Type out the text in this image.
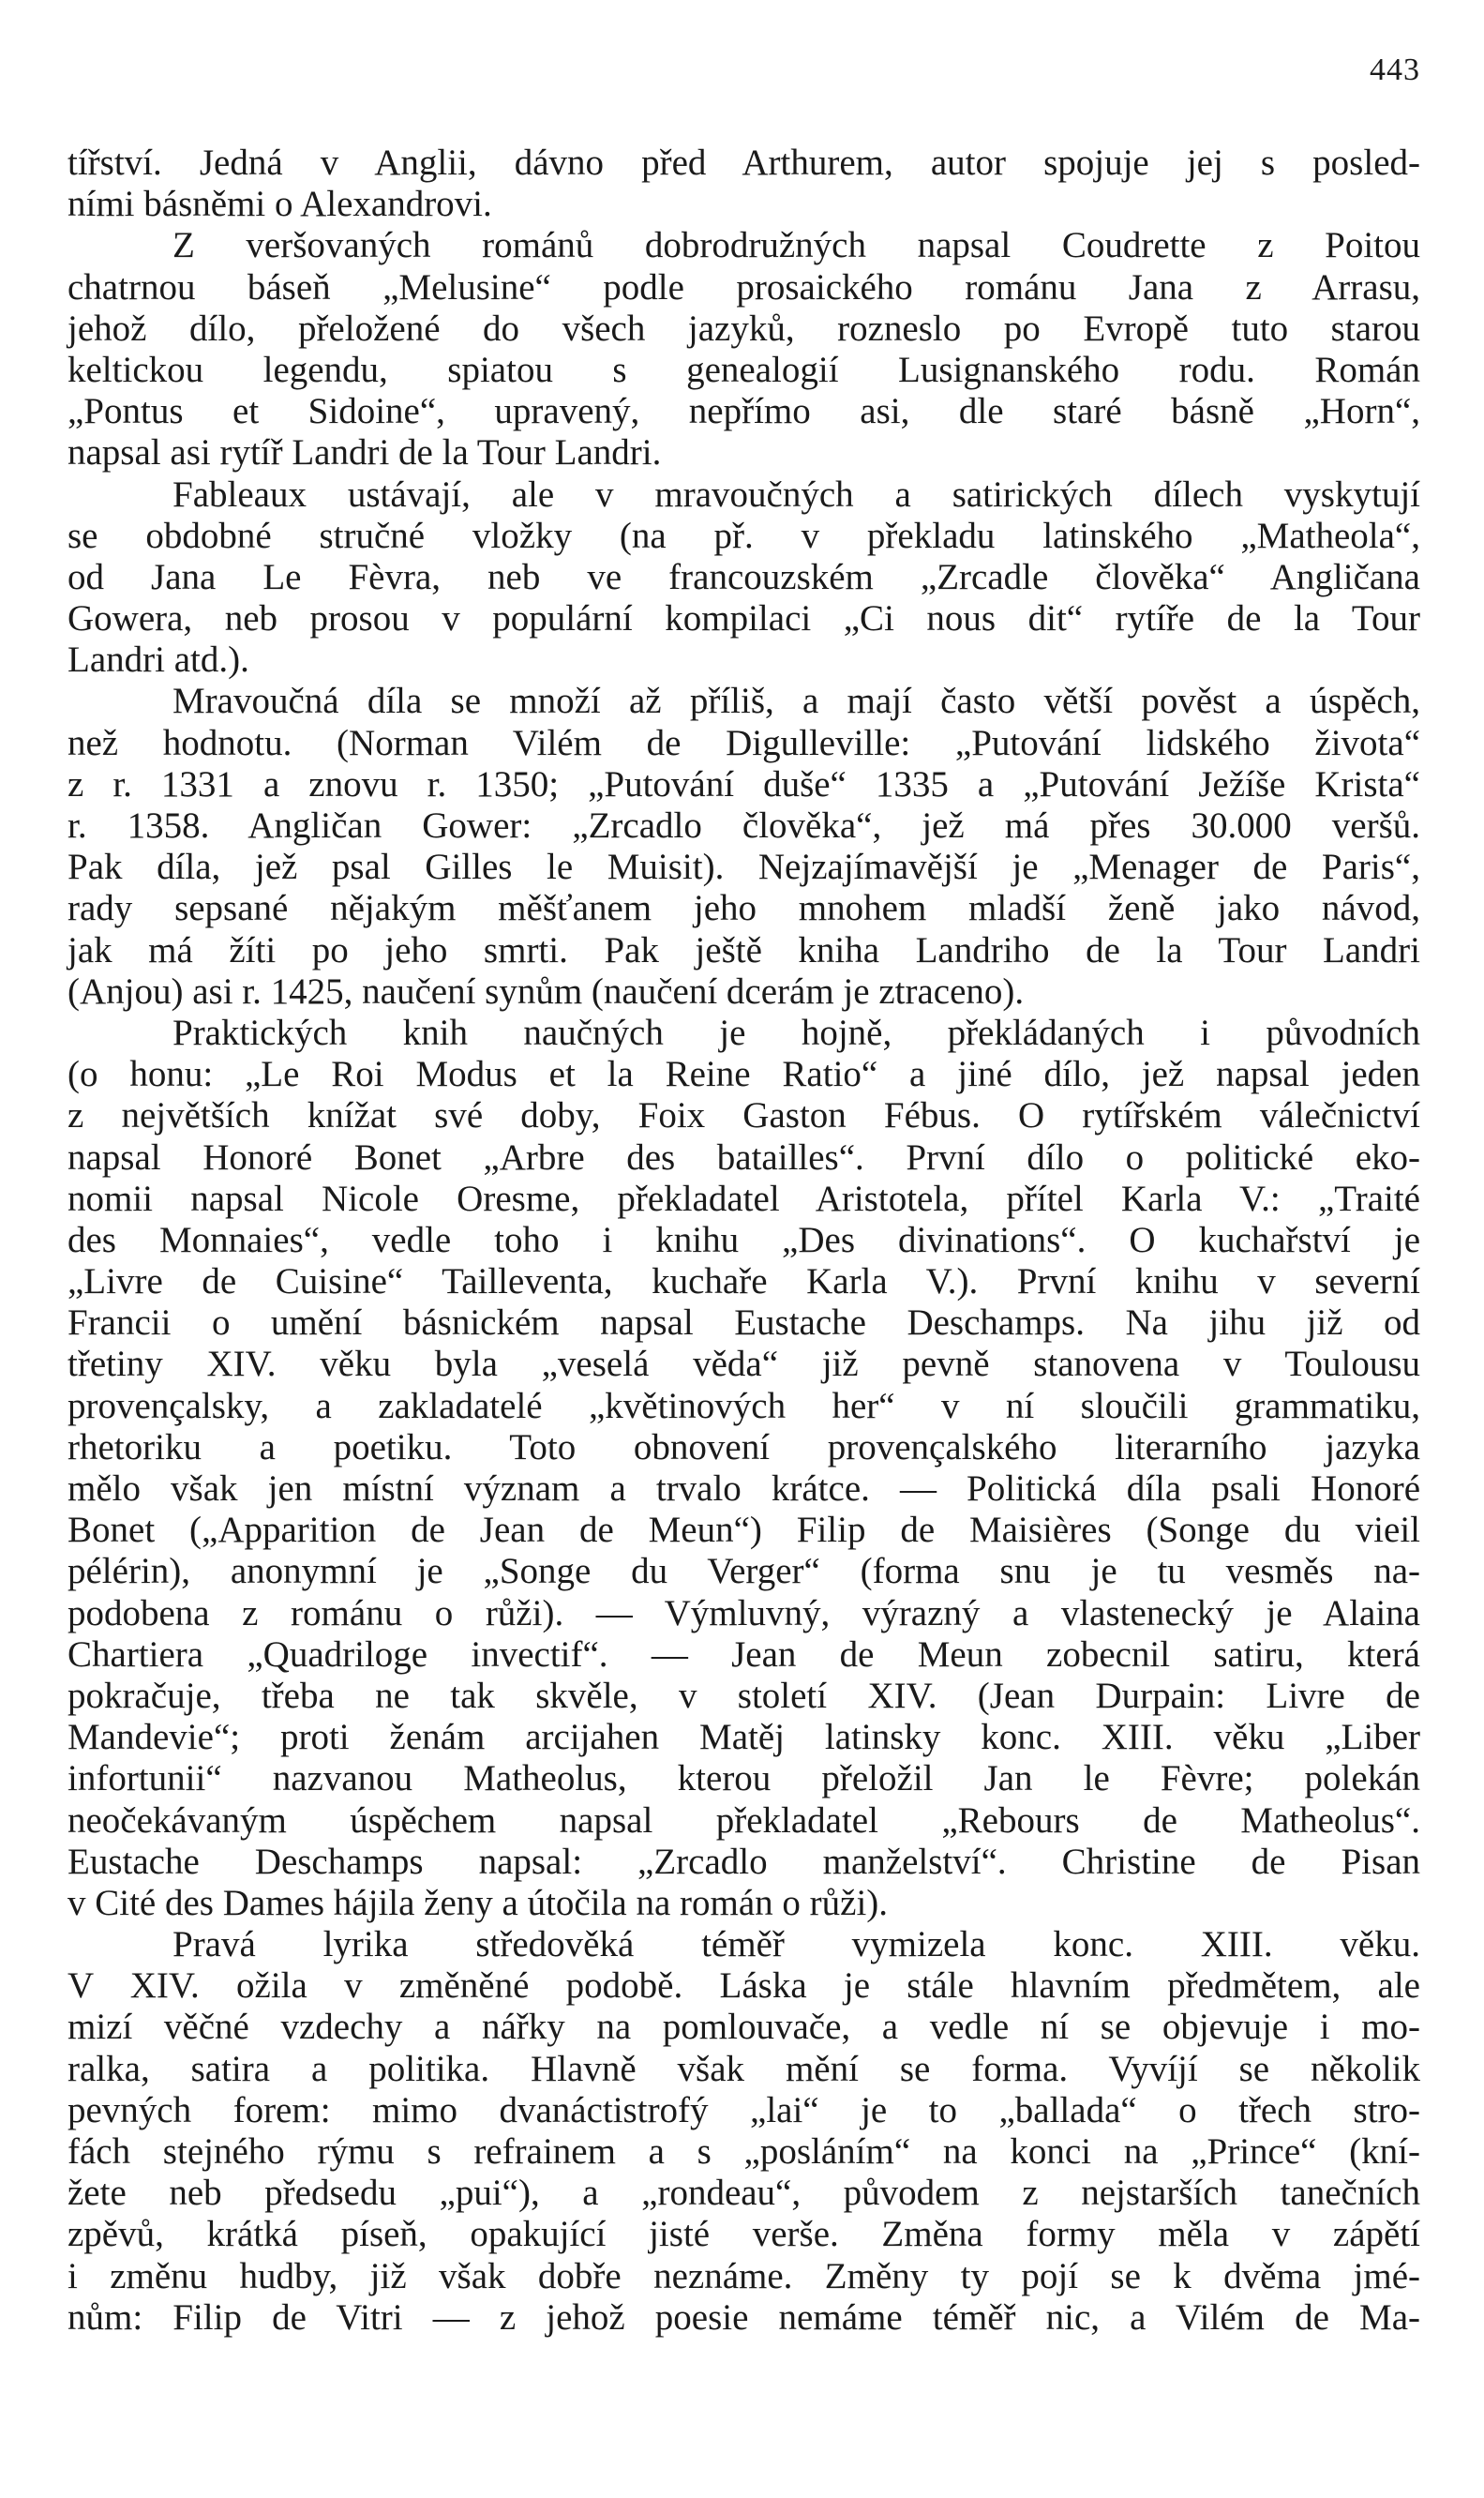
443
tířství. Jedná v Anglii, dávno před Arthurem, autor spojuje jej s posled-
ními básněmi o Alexandrovi.
Z veršovaných románů dobrodružných napsal Coudrette z Poitou
chatrnou báseň „Melusine“ podle prosaického románu Jana z Arrasu,
jehož dílo, přeložené do všech jazyků, rozneslo po Evropě tuto starou
keltickou legendu, spiatou s genealogií Lusignanského rodu. Román
„Pontus et Sidoine“, upravený, nepřímo asi, dle staré básně „Horn“,
napsal asi rytíř Landri de la Tour Landri.
Fableaux ustávají, ale v mravoučných a satirických dílech vyskytují
se obdobné stručné vložky (na př. v překladu latinského „Matheola“,
od Jana Le Fèvra, neb ve francouzském „Zrcadle člověka“ Angličana
Gowera, neb prosou v populární kompilaci „Ci nous dit“ rytíře de la Tour
Landri atd.).
Mravoučná díla se množí až příliš, a mají často větší pověst a úspěch,
než hodnotu. (Norman Vilém de Digulleville: „Putování lidského života“
z r. 1331 a znovu r. 1350; „Putování duše“ 1335 a „Putování Ježíše Krista“
r. 1358. Angličan Gower: „Zrcadlo člověka“, jež má přes 30.000 veršů.
Pak díla, jež psal Gilles le Muisit). Nejzajímavější je „Menager de Paris“,
rady sepsané nějakým měšťanem jeho mnohem mladší ženě jako návod,
jak má žíti po jeho smrti. Pak ještě kniha Landriho de la Tour Landri
(Anjou) asi r. 1425, naučení synům (naučení dcerám je ztraceno).
Praktických knih naučných je hojně, překládaných i původních
(o honu: „Le Roi Modus et la Reine Ratio“ a jiné dílo, jež napsal jeden
z největších knížat své doby, Foix Gaston Fébus. O rytířském válečnictví
napsal Honoré Bonet „Arbre des batailles“. První dílo o politické eko-
nomii napsal Nicole Oresme, překladatel Aristotela, přítel Karla V.: „Traité
des Monnaies“, vedle toho i knihu „Des divinations“. O kuchařství je
„Livre de Cuisine“ Tailleventa, kuchaře Karla V.). První knihu v severní
Francii o umění básnickém napsal Eustache Deschamps. Na jihu již od
třetiny XIV. věku byla „veselá věda“ již pevně stanovena v Toulousu
provençalsky, a zakladatelé „květinových her“ v ní sloučili grammatiku,
rhetoriku a poetiku. Toto obnovení provençalského literarního jazyka
mělo však jen místní význam a trvalo krátce. — Politická díla psali Honoré
Bonet („Apparition de Jean de Meun“) Filip de Maisières (Songe du vieil
pélérin), anonymní je „Songe du Verger“ (forma snu je tu vesměs na-
podobena z románu o růži). — Výmluvný, výrazný a vlastenecký je Alaina
Chartiera „Quadriloge invectif“. — Jean de Meun zobecnil satiru, která
pokračuje, třeba ne tak skvěle, v století XIV. (Jean Durpain: Livre de
Mandevie“; proti ženám arcijahen Matěj latinsky konc. XIII. věku „Liber
infortunii“ nazvanou Matheolus, kterou přeložil Jan le Fèvre; polekán
neočekávaným úspěchem napsal překladatel „Rebours de Matheolus“.
Eustache Deschamps napsal: „Zrcadlo manželství“. Christine de Pisan
v Cité des Dames hájila ženy a útočila na román o růži).
Pravá lyrika středověká téměř vymizela konc. XIII. věku.
V XIV. ožila v změněné podobě. Láska je stále hlavním předmětem, ale
mizí věčné vzdechy a nářky na pomlouvače, a vedle ní se objevuje i mo-
ralka, satira a politika. Hlavně však mění se forma. Vyvíjí se několik
pevných forem: mimo dvanáctistrofý „lai“ je to „ballada“ o třech stro-
fách stejného rýmu s refrainem a s „posláním“ na konci na „Prince“ (kní-
žete neb předsedu „pui“), a „rondeau“, původem z nejstarších tanečních
zpěvů, krátká píseň, opakující jisté verše. Změna formy měla v zápětí
i změnu hudby, již však dobře neznáme. Změny ty pojí se k dvěma jmé-
nům: Filip de Vitri — z jehož poesie nemáme téměř nic, a Vilém de Ma-
